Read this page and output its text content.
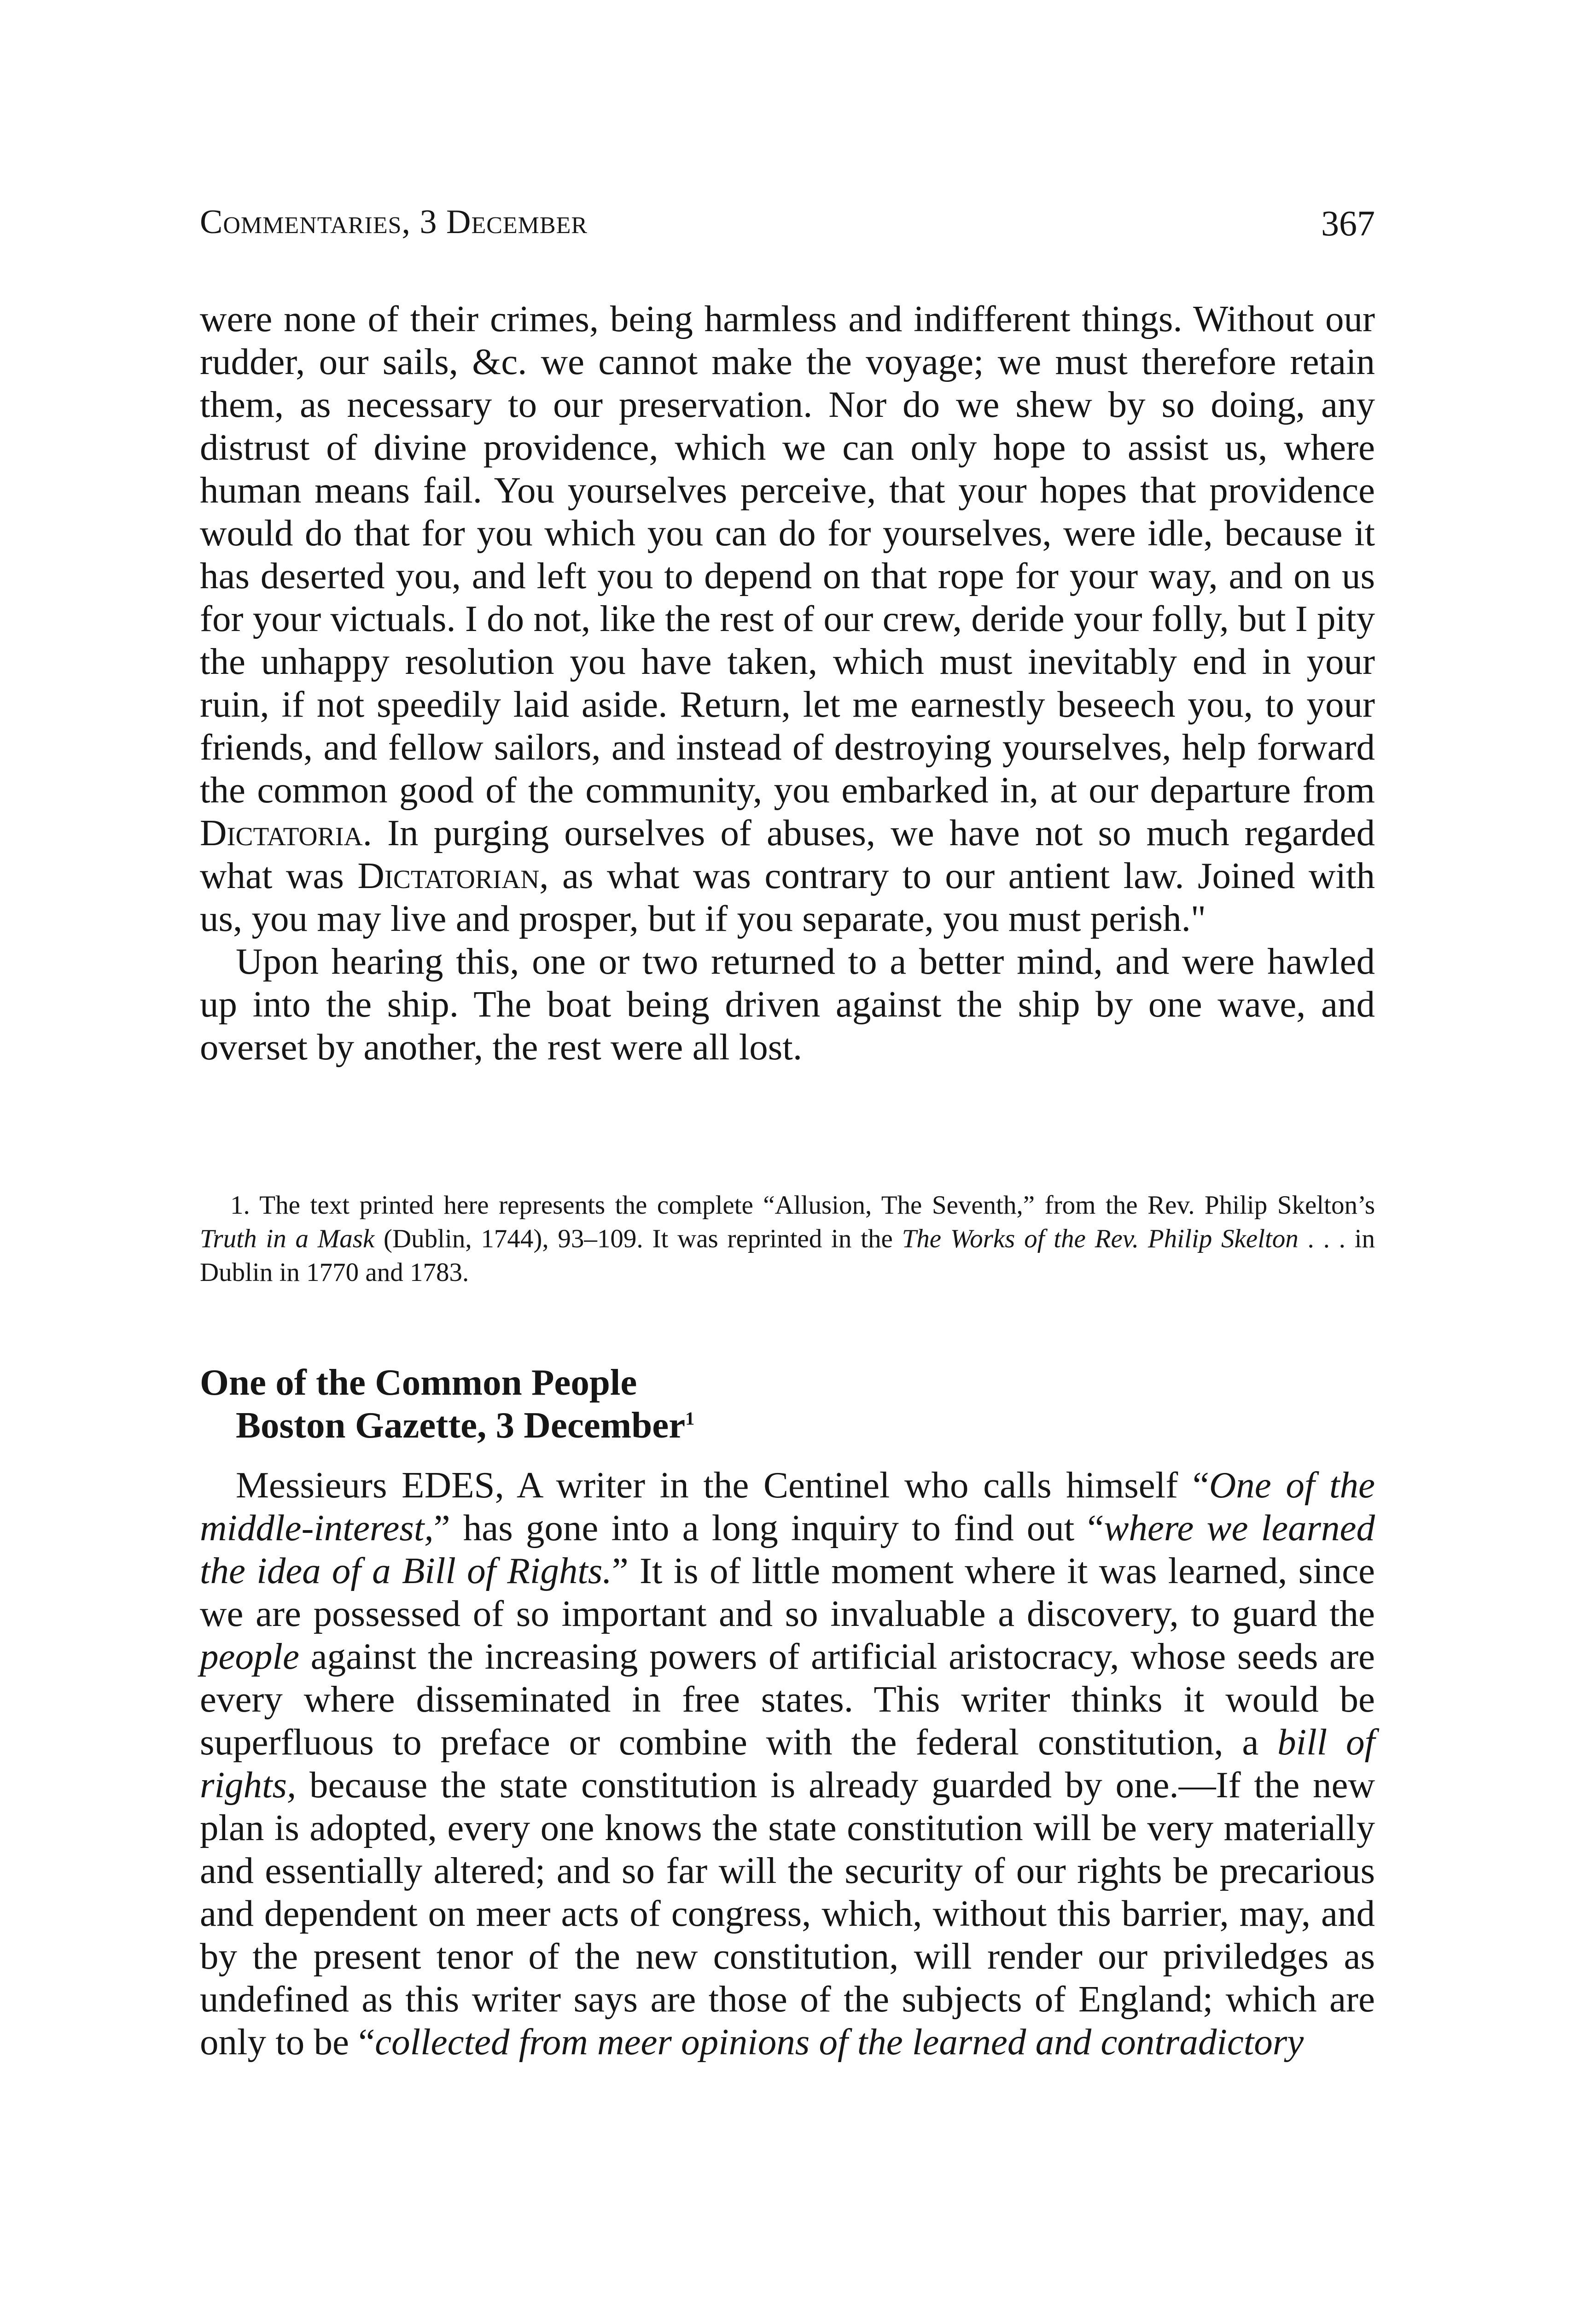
Commentaries, 3 December	367

were none of their crimes, being harmless and indifferent things. Without our rudder, our sails, &c. we cannot make the voyage; we must therefore retain them, as necessary to our preservation. Nor do we shew by so doing, any distrust of divine providence, which we can only hope to assist us, where human means fail. You yourselves perceive, that your hopes that providence would do that for you which you can do for yourselves, were idle, because it has deserted you, and left you to depend on that rope for your way, and on us for your victuals. I do not, like the rest of our crew, deride your folly, but I pity the unhappy resolution you have taken, which must inevitably end in your ruin, if not speedily laid aside. Return, let me earnestly beseech you, to your friends, and fellow sailors, and instead of destroying yourselves, help forward the common good of the community, you embarked in, at our departure from Dictatoria. In purging ourselves of abuses, we have not so much regarded what was Dictatorian, as what was contrary to our antient law. Joined with us, you may live and prosper, but if you separate, you must perish."

Upon hearing this, one or two returned to a better mind, and were hawled up into the ship. The boat being driven against the ship by one wave, and overset by another, the rest were all lost.

1. The text printed here represents the complete “Allusion, The Seventh,” from the Rev. Philip Skelton’s Truth in a Mask (Dublin, 1744), 93–109. It was reprinted in the The Works of the Rev. Philip Skelton . . . in Dublin in 1770 and 1783.

One of the Common People
Boston Gazette, 3 December$^1$

Messieurs EDES, A writer in the Centinel who calls himself “One of the middle-interest,” has gone into a long inquiry to find out “where we learned the idea of a Bill of Rights.” It is of little moment where it was learned, since we are possessed of so important and so invaluable a discovery, to guard the people against the increasing powers of artificial aristocracy, whose seeds are every where disseminated in free states. This writer thinks it would be superfluous to preface or combine with the federal constitution, a bill of rights, because the state constitution is already guarded by one.—If the new plan is adopted, every one knows the state constitution will be very materially and essentially altered; and so far will the security of our rights be precarious and dependent on meer acts of congress, which, without this barrier, may, and by the present tenor of the new constitution, will render our priviledges as undefined as this writer says are those of the subjects of England; which are only to be “collected from meer opinions of the learned and contradictory
